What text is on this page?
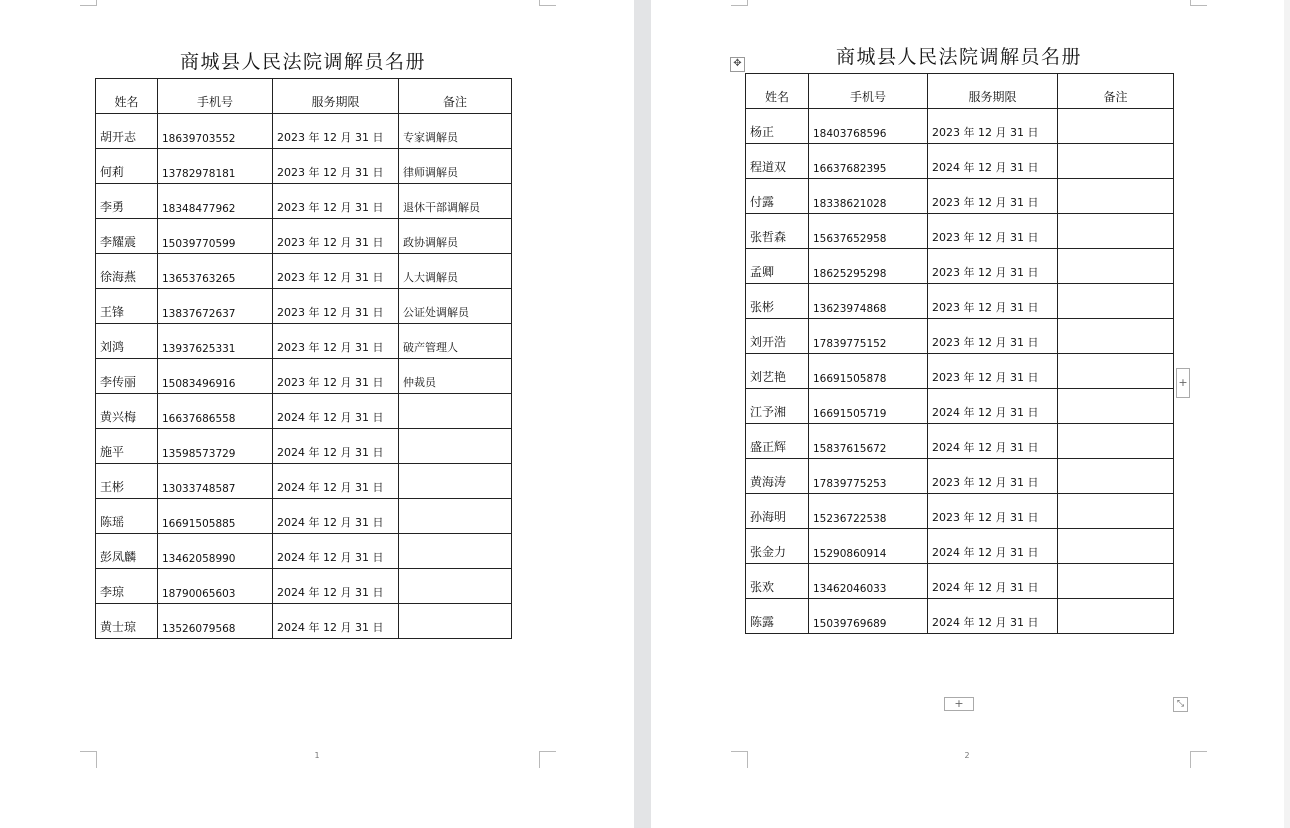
商城县人民法院调解员名册
姓名	手机号	服务期限	备注
胡开志	18639703552	2023 年 12 月 31 日	专家调解员
何莉	13782978181	2023 年 12 月 31 日	律师调解员
李勇	18348477962	2023 年 12 月 31 日	退休干部调解员
李耀震	15039770599	2023 年 12 月 31 日	政协调解员
徐海燕	13653763265	2023 年 12 月 31 日	人大调解员
王锋	13837672637	2023 年 12 月 31 日	公证处调解员
刘鸿	13937625331	2023 年 12 月 31 日	破产管理人
李传丽	15083496916	2023 年 12 月 31 日	仲裁员
黄兴梅	16637686558	2024 年 12 月 31 日	
施平	13598573729	2024 年 12 月 31 日	
王彬	13033748587	2024 年 12 月 31 日	
陈瑶	16691505885	2024 年 12 月 31 日	
彭凤麟	13462058990	2024 年 12 月 31 日	
李琼	18790065603	2024 年 12 月 31 日	
黄士琼	13526079568	2024 年 12 月 31 日	
1
✥	商城县人民法院调解员名册
姓名	手机号	服务期限	备注
杨正	18403768596	2023 年 12 月 31 日	
程道双	16637682395	2024 年 12 月 31 日	
付露	18338621028	2023 年 12 月 31 日	
张哲森	15637652958	2023 年 12 月 31 日	
孟卿	18625295298	2023 年 12 月 31 日	
张彬	13623974868	2023 年 12 月 31 日	
刘开浩	17839775152	2023 年 12 月 31 日	
刘艺艳	16691505878	2023 年 12 月 31 日	
江予湘	16691505719	2024 年 12 月 31 日	
盛正辉	15837615672	2024 年 12 月 31 日	
黄海涛	17839775253	2023 年 12 月 31 日	
孙海明	15236722538	2023 年 12 月 31 日	
张金力	15290860914	2024 年 12 月 31 日	
张欢	13462046033	2024 年 12 月 31 日	
陈露	15039769689	2024 年 12 月 31 日	
+	⤡
2
+
